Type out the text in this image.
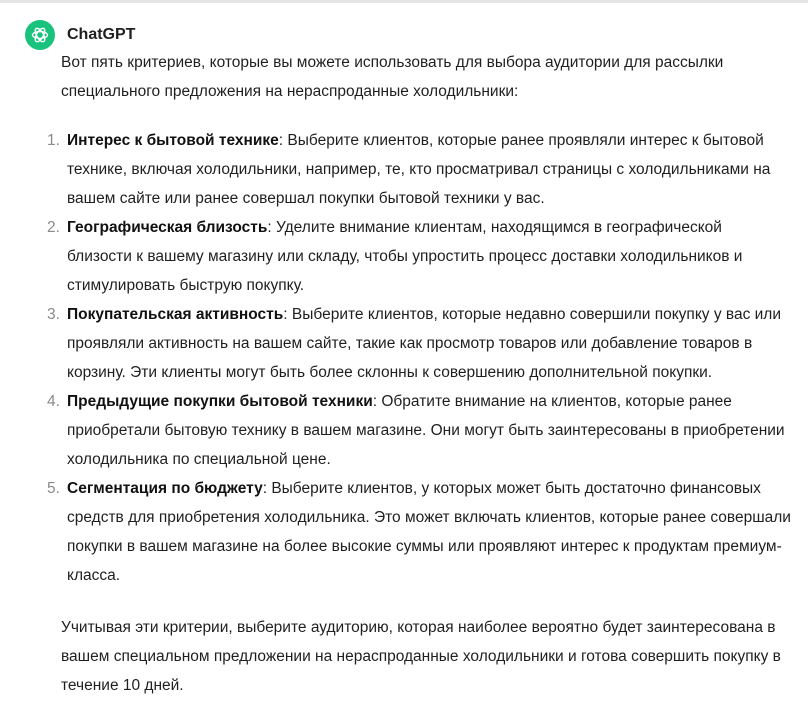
ChatGPT

Вот пять критериев, которые вы можете использовать для выбора аудитории для рассылки специального предложения на нераспроданные холодильники:

1. Интерес к бытовой технике: Выберите клиентов, которые ранее проявляли интерес к бытовой технике, включая холодильники, например, те, кто просматривал страницы с холодильниками на вашем сайте или ранее совершал покупки бытовой техники у вас.
2. Географическая близость: Уделите внимание клиентам, находящимся в географической близости к вашему магазину или складу, чтобы упростить процесс доставки холодильников и стимулировать быструю покупку.
3. Покупательская активность: Выберите клиентов, которые недавно совершили покупку у вас или проявляли активность на вашем сайте, такие как просмотр товаров или добавление товаров в корзину. Эти клиенты могут быть более склонны к совершению дополнительной покупки.
4. Предыдущие покупки бытовой техники: Обратите внимание на клиентов, которые ранее приобретали бытовую технику в вашем магазине. Они могут быть заинтересованы в приобретении холодильника по специальной цене.
5. Сегментация по бюджету: Выберите клиентов, у которых может быть достаточно финансовых средств для приобретения холодильника. Это может включать клиентов, которые ранее совершали покупки в вашем магазине на более высокие суммы или проявляют интерес к продуктам премиум-класса.

Учитывая эти критерии, выберите аудиторию, которая наиболее вероятно будет заинтересована в вашем специальном предложении на нераспроданные холодильники и готова совершить покупку в течение 10 дней.
